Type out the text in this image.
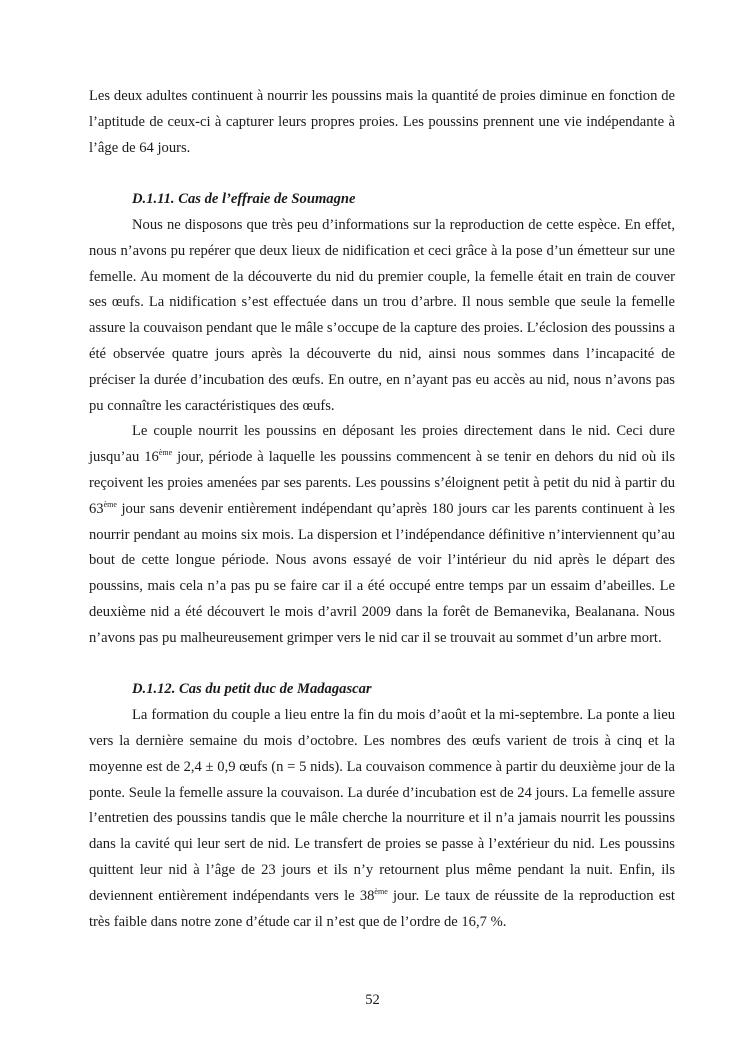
Les deux adultes continuent à nourrir les poussins mais la quantité de proies diminue en fonction de l’aptitude de ceux-ci à capturer leurs propres proies. Les poussins prennent une vie indépendante à l’âge de 64 jours.

D.1.11. Cas de l’effraie de Soumagne

Nous ne disposons que très peu d’informations sur la reproduction de cette espèce. En effet, nous n’avons pu repérer que deux lieux de nidification et ceci grâce à la pose d’un émetteur sur une femelle. Au moment de la découverte du nid du premier couple, la femelle était en train de couver ses œufs. La nidification s’est effectuée dans un trou d’arbre. Il nous semble que seule la femelle assure la couvaison pendant que le mâle s’occupe de la capture des proies. L’éclosion des poussins a été observée quatre jours après la découverte du nid, ainsi nous sommes dans l’incapacité de préciser la durée d’incubation des œufs. En outre, en n’ayant pas eu accès au nid, nous n’avons pas pu connaître les caractéristiques des œufs.

Le couple nourrit les poussins en déposant les proies directement dans le nid. Ceci dure jusqu’au 16ème jour, période à laquelle les poussins commencent à se tenir en dehors du nid où ils reçoivent les proies amenées par ses parents. Les poussins s’éloignent petit à petit du nid à partir du 63ème jour sans devenir entièrement indépendant qu’après 180 jours car les parents continuent à les nourrir pendant au moins six mois. La dispersion et l’indépendance définitive n’interviennent qu’au bout de cette longue période. Nous avons essayé de voir l’intérieur du nid après le départ des poussins, mais cela n’a pas pu se faire car il a été occupé entre temps par un essaim d’abeilles. Le deuxième nid a été découvert le mois d’avril 2009 dans la forêt de Bemanevika, Bealanana. Nous n’avons pas pu malheureusement grimper vers le nid car il se trouvait au sommet d’un arbre mort.

D.1.12. Cas du petit duc de Madagascar

La formation du couple a lieu entre la fin du mois d’août et la mi-septembre. La ponte a lieu vers la dernière semaine du mois d’octobre. Les nombres des œufs varient de trois à cinq et la moyenne est de 2,4 ± 0,9 œufs (n = 5 nids). La couvaison commence à partir du deuxième jour de la ponte. Seule la femelle assure la couvaison. La durée d’incubation est de 24 jours. La femelle assure l’entretien des poussins tandis que le mâle cherche la nourriture et il n’a jamais nourrit les poussins dans la cavité qui leur sert de nid. Le transfert de proies se passe à l’extérieur du nid. Les poussins quittent leur nid à l’âge de 23 jours et ils n’y retournent plus même pendant la nuit. Enfin, ils deviennent entièrement indépendants vers le 38ème jour. Le taux de réussite de la reproduction est très faible dans notre zone d’étude car il n’est que de l’ordre de 16,7 %.

52
